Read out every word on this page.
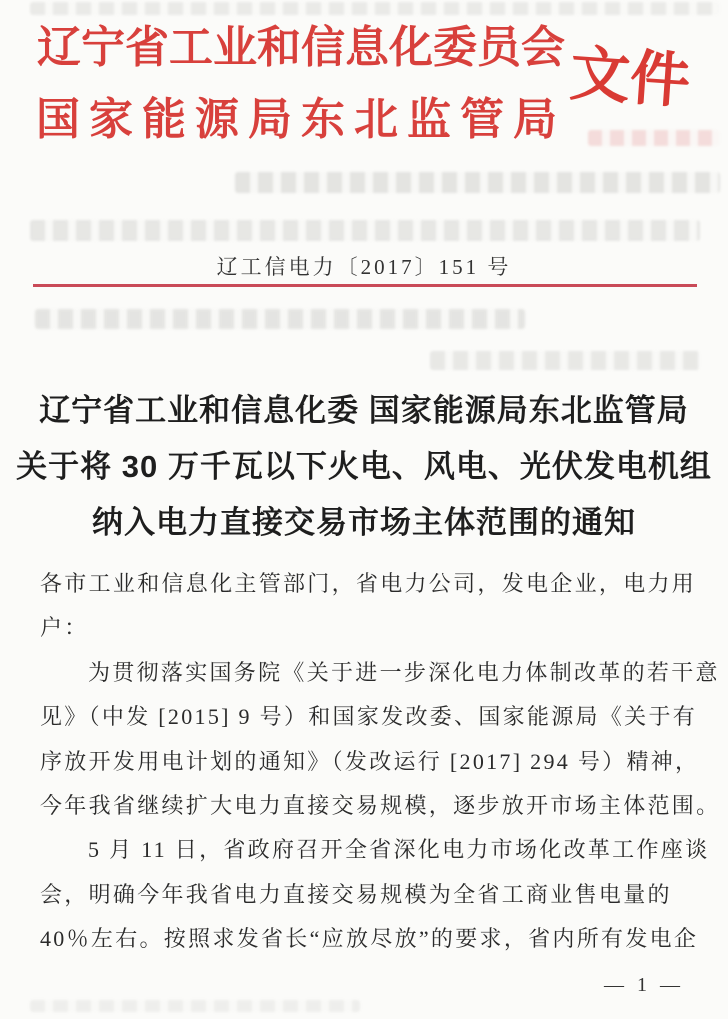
辽宁省工业和信息化委员会
国家能源局东北监管局
文件
辽工信电力〔2017〕151 号
辽宁省工业和信息化委 国家能源局东北监管局
关于将 30 万千瓦以下火电、风电、光伏发电机组
纳入电力直接交易市场主体范围的通知
各市工业和信息化主管部门，省电力公司，发电企业，电力用
户：
为贯彻落实国务院《关于进一步深化电力体制改革的若干意
见》（中发 [2015] 9 号）和国家发改委、国家能源局《关于有
序放开发用电计划的通知》（发改运行 [2017] 294 号）精神，
今年我省继续扩大电力直接交易规模，逐步放开市场主体范围。
5 月 11 日，省政府召开全省深化电力市场化改革工作座谈
会，明确今年我省电力直接交易规模为全省工商业售电量的
40％左右。按照求发省长“应放尽放”的要求，省内所有发电企
— 1 —
